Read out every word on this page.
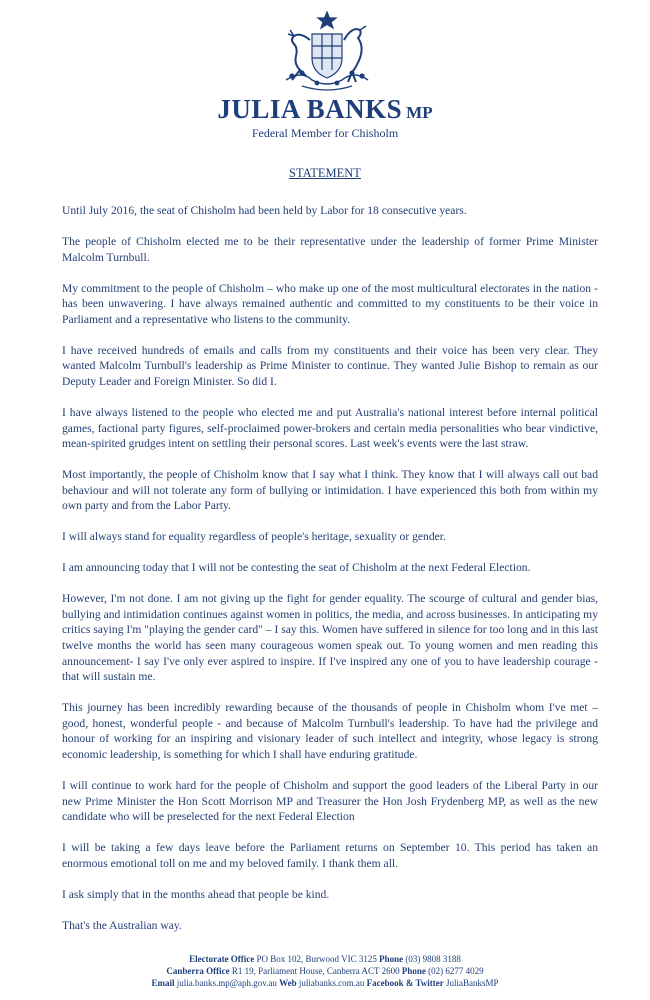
JULIA BANKS MP
Federal Member for Chisholm
STATEMENT

Until July 2016, the seat of Chisholm had been held by Labor for 18 consecutive years.

The people of Chisholm elected me to be their representative under the leadership of former Prime Minister Malcolm Turnbull.

My commitment to the people of Chisholm – who make up one of the most multicultural electorates in the nation - has been unwavering. I have always remained authentic and committed to my constituents to be their voice in Parliament and a representative who listens to the community.

I have received hundreds of emails and calls from my constituents and their voice has been very clear. They wanted Malcolm Turnbull's leadership as Prime Minister to continue. They wanted Julie Bishop to remain as our Deputy Leader and Foreign Minister. So did I.

I have always listened to the people who elected me and put Australia's national interest before internal political games, factional party figures, self-proclaimed power-brokers and certain media personalities who bear vindictive, mean-spirited grudges intent on settling their personal scores. Last week's events were the last straw.

Most importantly, the people of Chisholm know that I say what I think. They know that I will always call out bad behaviour and will not tolerate any form of bullying or intimidation. I have experienced this both from within my own party and from the Labor Party.

I will always stand for equality regardless of people's heritage, sexuality or gender.

I am announcing today that I will not be contesting the seat of Chisholm at the next Federal Election.

However, I'm not done. I am not giving up the fight for gender equality. The scourge of cultural and gender bias, bullying and intimidation continues against women in politics, the media, and across businesses. In anticipating my critics saying I'm "playing the gender card" – I say this. Women have suffered in silence for too long and in this last twelve months the world has seen many courageous women speak out. To young women and men reading this announcement- I say I've only ever aspired to inspire. If I've inspired any one of you to have leadership courage - that will sustain me.

This journey has been incredibly rewarding because of the thousands of people in Chisholm whom I've met – good, honest, wonderful people - and because of Malcolm Turnbull's leadership. To have had the privilege and honour of working for an inspiring and visionary leader of such intellect and integrity, whose legacy is strong economic leadership, is something for which I shall have enduring gratitude.

I will continue to work hard for the people of Chisholm and support the good leaders of the Liberal Party in our new Prime Minister the Hon Scott Morrison MP and Treasurer the Hon Josh Frydenberg MP, as well as the new candidate who will be preselected for the next Federal Election

I will be taking a few days leave before the Parliament returns on September 10. This period has taken an enormous emotional toll on me and my beloved family. I thank them all.

I ask simply that in the months ahead that people be kind.

That's the Australian way.

Electorate Office PO Box 102, Burwood VIC 3125 Phone (03) 9808 3188
Canberra Office R1 19, Parliament House, Canberra ACT 2600 Phone (02) 6277 4029
Email julia.banks.mp@aph.gov.au Web juliabanks.com.au Facebook & Twitter JuliaBanksMP
